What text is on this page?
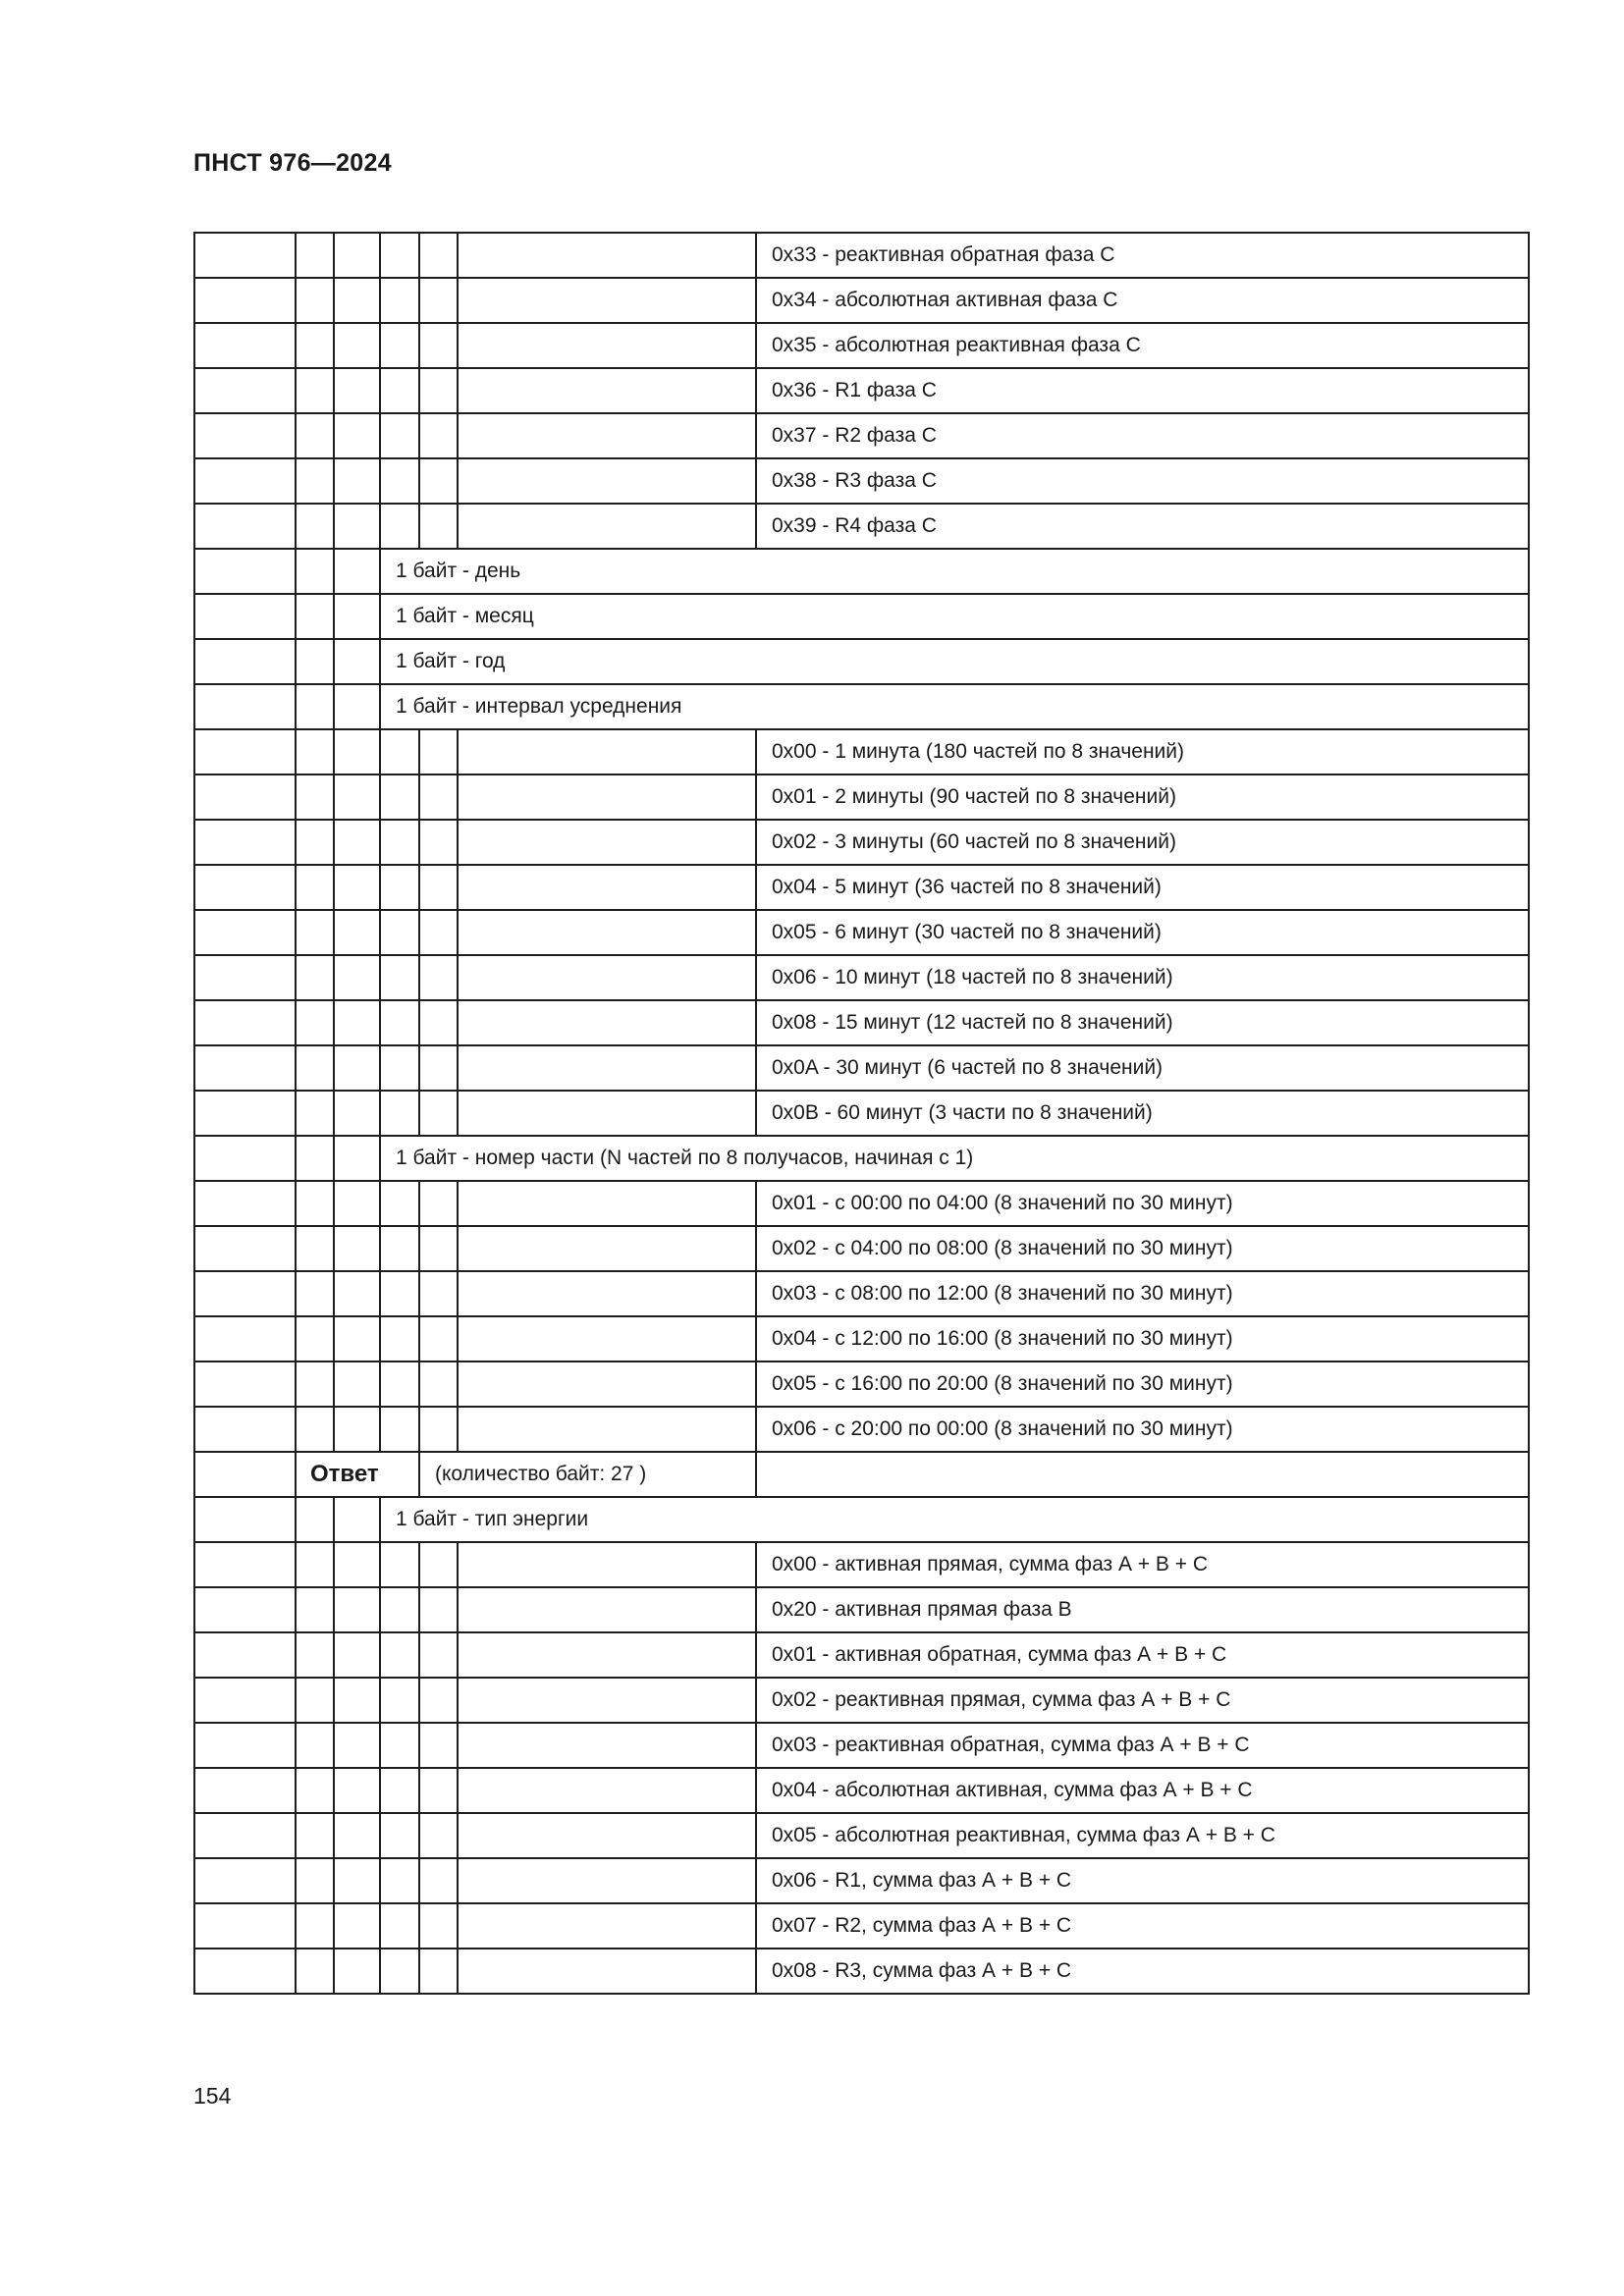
ПНСТ 976—2024
						0x33 - реактивная обратная фаза С
						0x34 - абсолютная активная фаза С
						0x35 - абсолютная реактивная фаза С
						0x36 - R1 фаза С
						0x37 - R2 фаза С
						0x38 - R3 фаза С
						0x39 - R4 фаза С
			1 байт - день			
			1 байт - месяц			
			1 байт - год			
			1 байт - интервал усреднения			
						0x00 - 1 минута (180 частей по 8 значений)
						0x01 - 2 минуты (90 частей по 8 значений)
						0x02 - 3 минуты (60 частей по 8 значений)
						0x04 - 5 минут (36 частей по 8 значений)
						0x05 - 6 минут (30 частей по 8 значений)
						0x06 - 10 минут (18 частей по 8 значений)
						0x08 - 15 минут (12 частей по 8 значений)
						0x0A - 30 минут (6 частей по 8 значений)
						0x0B - 60 минут (3 части по 8 значений)
			1 байт - номер части (N частей по 8 получасов, начиная с 1)			
						0x01 - с 00:00 по 04:00 (8 значений по 30 минут)
						0x02 - с 04:00 по 08:00 (8 значений по 30 минут)
						0x03 - с 08:00 по 12:00 (8 значений по 30 минут)
						0x04 - с 12:00 по 16:00 (8 значений по 30 минут)
						0x05 - с 16:00 по 20:00 (8 значений по 30 минут)
						0x06 - с 20:00 по 00:00 (8 значений по 30 минут)
	Ответ			(количество байт: 27 )		
			1 байт - тип энергии			
						0x00 - активная прямая, сумма фаз А + В + С
						0x20 - активная прямая фаза В
						0x01 - активная обратная, сумма фаз А + В + С
						0x02 - реактивная прямая, сумма фаз А + В + С
						0x03 - реактивная обратная, сумма фаз А + В + С
						0x04 - абсолютная активная, сумма фаз А + В + С
						0x05 - абсолютная реактивная, сумма фаз А + В + С
						0x06 - R1, сумма фаз А + В + С
						0x07 - R2, сумма фаз А + В + С
						0x08 - R3, сумма фаз А + В + С
154
